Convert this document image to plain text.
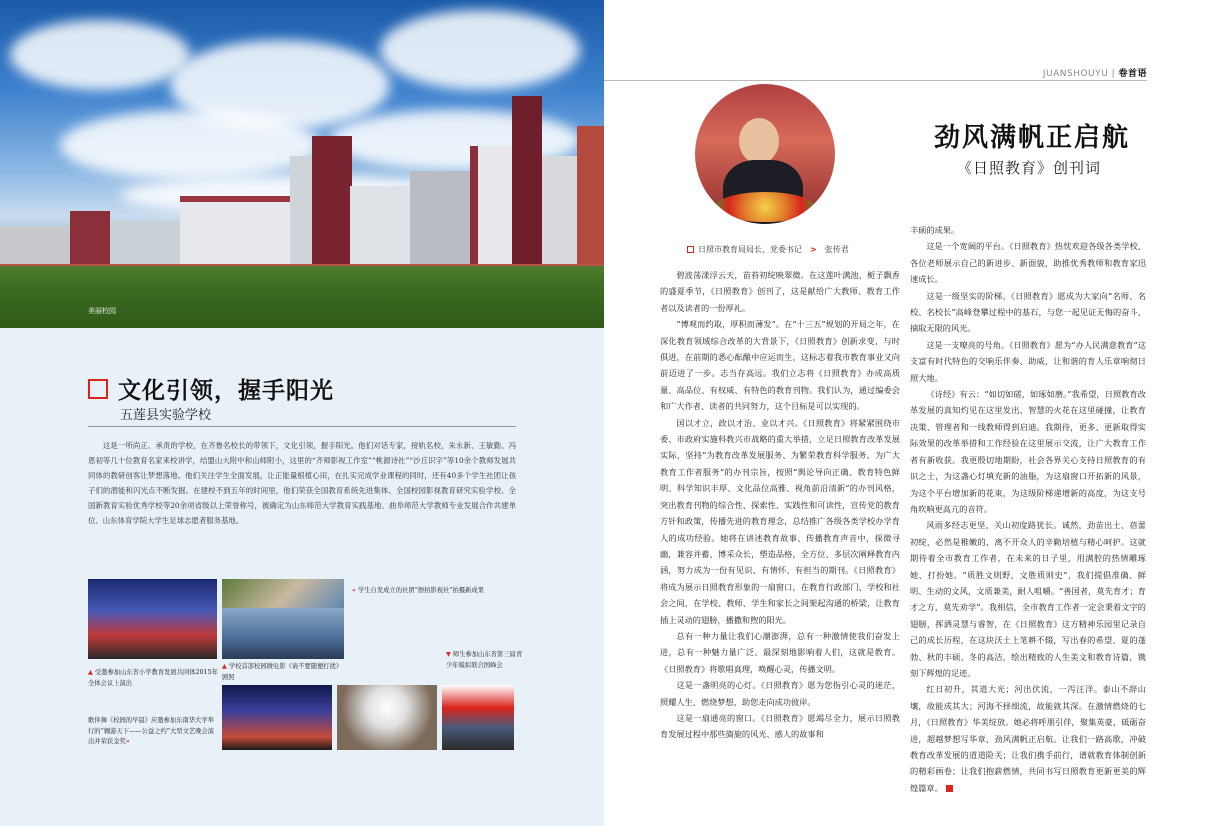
美丽校园
文化引领，握手阳光
五莲县实验学校
这是一所尚正、承责的学校，在齐鲁名校长的带领下，文化引领，握手阳光。他们对话专家，接轨名校，朱永新、王敏勤、冯恩初等几十位教育名家来校讲学，结盟山大附中和山师附小，这里的“齐师影视工作室”“桃源诗社”“沙丘识字”等10余个教师发展共同体的教研创客让梦想落地。他们关注学生全面发展，让正能量根植心田，在扎实完成学业课程的同时，还有40多个学生社团让孩子们的潜能和闪光点不断发掘。在建校不到五年的时间里，他们荣获全国教育系统先进集体、全国校园影视教育研究实验学校、全国新教育实验优秀学校等20余项省级以上荣誉称号，被确定为山东师范大学教育实践基地、曲阜师范大学教师专业发展合作共建单位、山东体育学院大学生足球志愿者服务基地。
« 学生自发成立的社团“擦拍影视社”拍摄新成果
▲ 受邀参加山东省小学教育发展共同体2015年全体会议上演出
▲ 学校首部校园微电影《请不要随便打扰》剧照
▼ 师生参加山东省第三届青少年模拟联合国峰会
歌伴舞《校园的早晨》应邀参加东南华大学举行的“翱游天下——公益之约”大型文艺晚会演出并荣获金奖»
JUANSHOUYU | 卷首语
劲风满帆正启航
《日照教育》创刊词
日照市教育局局长、党委书记 > 张传君

碧波荡漾浮云天，苗苔初绽映翠微。在这莲叶满池、栀子飘香的盛夏季节，《日照教育》创刊了，这是献给广大教师、教育工作者以及读者的一份厚礼。

“博观而约取，厚积而薄发”。在“十三五”规划的开局之年，在深化教育领域综合改革的大背景下，《日照教育》创新求变，与时俱进，在前期的悉心酝酿中应运而生，这标志着我市教育事业又向前迈进了一步。志当存高远。我们立志将《日照教育》办成高质量、高品位、有权威、有特色的教育刊物。我们认为，通过编委会和广大作者、读者的共同努力，这个目标是可以实现的。

国以才立，政以才治、业以才兴。《日照教育》将紧紧围绕市委、市政府实施科教兴市战略的重大举措，立足日照教育改革发展实际，坚持“为教育改革发展服务、为繁荣教育科学服务、为广大教育工作者服务”的办刊宗旨，按照“舆论导向正确、教育特色鲜明、科学知识丰厚、文化品位高雅、视角前沿清新”的办刊风格，突出教育刊物的综合性、探索性、实践性和可读性，宣传党的教育方针和政策，传播先进的教育理念，总结推广各级各类学校办学育人的成功经验。她将在讲述教育故事、传播教育声音中，探微寻幽，兼容并蓄，博采众长，塑造品格，全方位、多层次阐释教育内涵，努力成为一份有见识、有情怀、有担当的期刊。《日照教育》将成为展示日照教育形象的一扇窗口，在教育行政部门、学校和社会之间，在学校、教师、学生和家长之间架起沟通的桥梁，让教育插上灵动的翅膀，播撒和煦的阳光。

总有一种力量让我们心潮澎湃，总有一种激情使我们奋发上进，总有一种魅力量广泛、最深刻地影响着人们，这就是教育。《日照教育》将歌唱真理，唤醒心灵，传播文明。

这是一盏明亮的心灯。《日照教育》愿为您指引心灵的迷茫，照耀人生，燃烧梦想，助您走向成功彼岸。

这是一扇通亮的窗口。《日照教育》愿竭尽全力，展示日照教育发展过程中那些旖旎的风光、感人的故事和

丰硕的成果。

这是一个宽阔的平台。《日照教育》热忱欢迎各级各类学校、各位老师展示自己的新进步、新面貌，助推优秀教师和教育家迅速成长。

这是一级坚实的阶梯。《日照教育》愿成为大家向“名师、名校、名校长”高峰登攀过程中的基石，与您一起见证无悔的奋斗，摘取无限的风光。

这是一支嘹亮的号角。《日照教育》愿为“办人民满意教育”这支富有时代特色的交响乐伴奏、助威，让和谐的育人乐章响彻日照大地。

《诗经》有云：“如切如磋，如琢如磨。”我希望，日照教育改革发展的真知灼见在这里发出、智慧的火花在这里碰撞，让教育决策、管理者和一线教师得到启迪。我期待，更多、更新取得实际效果的改革举措和工作经验在这里展示交流，让广大教育工作者有新收获。我更殷切地期盼，社会各界关心支持日照教育的有识之士，为这盏心灯填充新的油脂，为这扇窗口开拓新的风景，为这个平台增加新的花束，为这级阶梯递增新的高度，为这支号角吹响更高亢的音符。

风雨多经志更坚，关山初度路犹长。诚然，劲苗出土、蓓蕾初绽，必然是稚嫩的，离不开众人的辛勤培植与精心呵护。这就期待着全市教育工作者，在未来的日子里，用满腔的热情雕琢她、打扮她。“质胜文则野，文胜质则史”，我们提倡准确、鲜明、生动的文风，文质兼美，耐人咀嚼。“善国者，莫先育才；育才之方，莫先劝学”。我相信，全市教育工作者一定会秉着文字的翅膀，挥洒灵慧与睿智，在《日照教育》这方精神乐园里记录自己的成长历程，在这块沃土上笔耕不辍，写出春的希望、夏的蓬勃、秋的丰硕、冬的高洁，绘出精致的人生美文和教育诗篇，镌刻下辉煌的足迹。

红日初升，其道大光；河出伏流，一泻汪洋。泰山不辞山壤，故能成其大；河海不择细流，故能就其深。在激情燃烧的七月，《日照教育》华美绽放。她必将呼朋引伴，聚集英豪，砥砺奋进，超越梦想写华章，劲风满帆正启航。让我们一路高歌，冲破教育改革发展的道道险关；让我们携手前行，谱就教育体制创新的精彩画卷；让我们抱薪燃情，共同书写日照教育更新更美的辉煌篇章。
